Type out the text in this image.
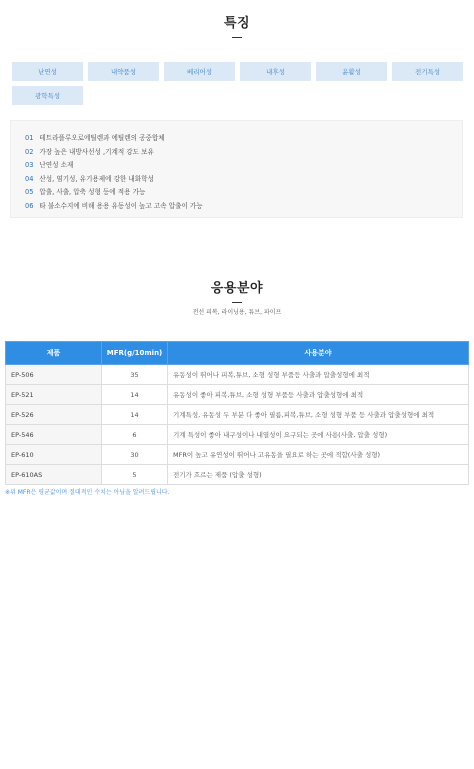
특징
난연성	내약품성	베리어성	내후성	윤활성	전기특성
광학특성
01 테트라플루오로에틸렌과 에틸렌의 공중합체
02 가장 높은 내방사선성 ,기계적 강도 보유
03 난연성 소재
04 산성, 염기성, 유기용제에 강한 내화학성
05 압출, 사출, 압축 성형 등에 적용 가능
06 타 불소수지에 비해 용용 유동성이 높고 고속 압출이 가능
응용분야
전선 피복, 라이닝용, 튜브, 파이프
제품	MFR(g/10min)	사용분야
EP-506	35	유동성이 뛰어나 피복,튜브, 소형 성형 부품등 사출과 압출성형에 최적
EP-521	14	유동성이 좋아 피복,튜브, 소형 성형 부품등 사출과 압출성형에 최적
EP-526	14	기계특성, 유동성 두 부분 다 좋아 필름,피복,튜브, 소형 성형 부품 등 사출과 압출성형에 최적
EP-546	6	기계 특성이 좋아 내구성이나 내열성이 요구되는 곳에 사용(사출, 압출 성형)
EP-610	30	MFR이 높고 유연성이 뛰어나 고유동을 필요로 하는 곳에 적합(사출 성형)
EP-610AS	5	전기가 흐르는 제품 (압출 성형)
※위 MFR은 평균값이며 절대적인 수치는 아님을 알려드립니다.
